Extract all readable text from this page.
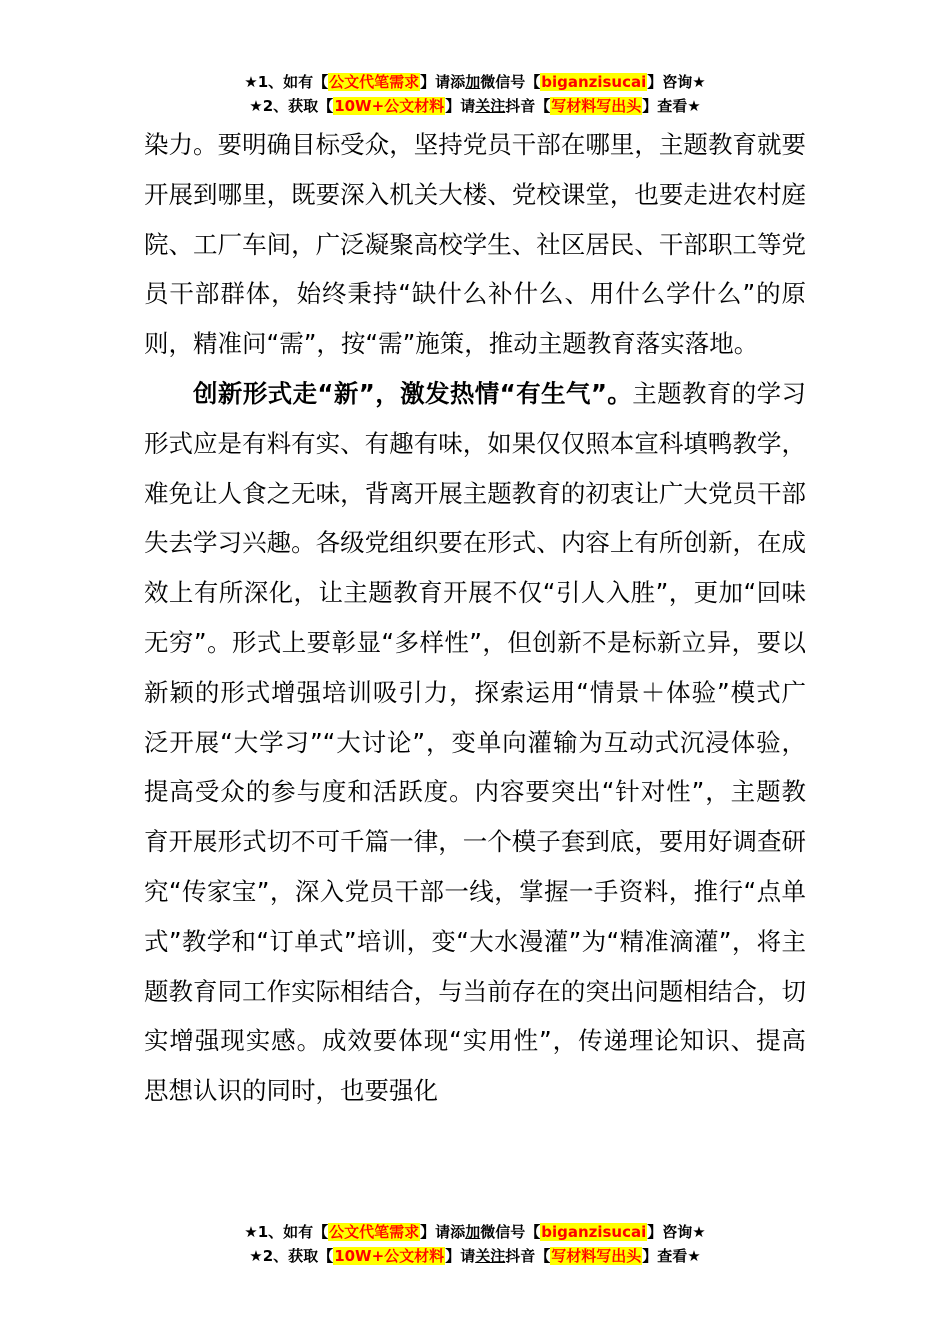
★1、如有【公文代笔需求】请添加微信号【biganzisucai】咨询★
★2、获取【10W+公文材料】请关注抖音【写材料写出头】查看★

染力。要明确目标受众，坚持党员干部在哪里，主题教育就要开展到哪里，既要深入机关大楼、党校课堂，也要走进农村庭院、工厂车间，广泛凝聚高校学生、社区居民、干部职工等党员干部群体，始终秉持“缺什么补什么、用什么学什么”的原则，精准问“需”，按“需”施策，推动主题教育落实落地。

创新形式走“新”，激发热情“有生气”。主题教育的学习形式应是有料有实、有趣有味，如果仅仅照本宣科填鸭教学，难免让人食之无味，背离开展主题教育的初衷让广大党员干部失去学习兴趣。各级党组织要在形式、内容上有所创新，在成效上有所深化，让主题教育开展不仅“引人入胜”，更加“回味无穷”。形式上要彰显“多样性”，但创新不是标新立异，要以新颖的形式增强培训吸引力，探索运用“情景＋体验”模式广泛开展“大学习”“大讨论”，变单向灌输为互动式沉浸体验，提高受众的参与度和活跃度。内容要突出“针对性”，主题教育开展形式切不可千篇一律，一个模子套到底，要用好调查研究“传家宝”，深入党员干部一线，掌握一手资料，推行“点单式”教学和“订单式”培训，变“大水漫灌”为“精准滴灌”，将主题教育同工作实际相结合，与当前存在的突出问题相结合，切实增强现实感。成效要体现“实用性”，传递理论知识、提高思想认识的同时，也要强化

★1、如有【公文代笔需求】请添加微信号【biganzisucai】咨询★
★2、获取【10W+公文材料】请关注抖音【写材料写出头】查看★
